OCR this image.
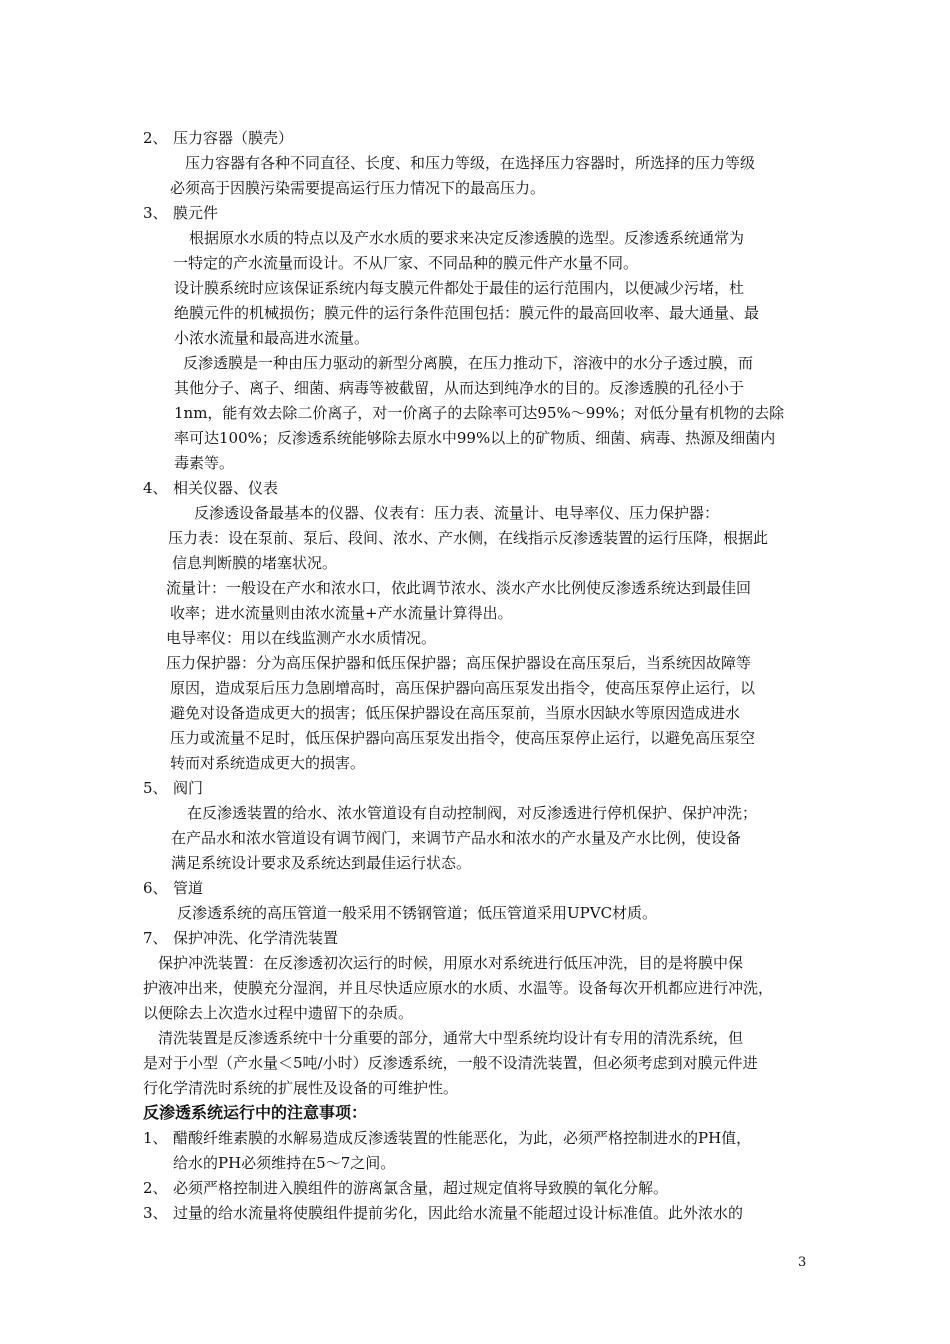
2、 压力容器（膜壳）
压力容器有各种不同直径、长度、和压力等级，在选择压力容器时，所选择的压力等级
必须高于因膜污染需要提高运行压力情况下的最高压力。
3、 膜元件
根据原水水质的特点以及产水水质的要求来决定反渗透膜的选型。反渗透系统通常为
一特定的产水流量而设计。不从厂家、不同品种的膜元件产水量不同。
设计膜系统时应该保证系统内每支膜元件都处于最佳的运行范围内，以便减少污堵，杜
绝膜元件的机械损伤；膜元件的运行条件范围包括：膜元件的最高回收率、最大通量、最
小浓水流量和最高进水流量。
反渗透膜是一种由压力驱动的新型分离膜，在压力推动下，溶液中的水分子透过膜，而
其他分子、离子、细菌、病毒等被截留，从而达到纯净水的目的。反渗透膜的孔径小于
1nm，能有效去除二价离子，对一价离子的去除率可达95%～99%；对低分量有机物的去除
率可达100%；反渗透系统能够除去原水中99%以上的矿物质、细菌、病毒、热源及细菌内
毒素等。
4、 相关仪器、仪表
反渗透设备最基本的仪器、仪表有：压力表、流量计、电导率仪、压力保护器：
压力表：设在泵前、泵后、段间、浓水、产水侧，在线指示反渗透装置的运行压降，根据此
信息判断膜的堵塞状况。
流量计：一般设在产水和浓水口，依此调节浓水、淡水产水比例使反渗透系统达到最佳回
收率；进水流量则由浓水流量+产水流量计算得出。
电导率仪：用以在线监测产水水质情况。
压力保护器：分为高压保护器和低压保护器；高压保护器设在高压泵后，当系统因故障等
原因，造成泵后压力急剧增高时，高压保护器向高压泵发出指令，使高压泵停止运行，以
避免对设备造成更大的损害；低压保护器设在高压泵前，当原水因缺水等原因造成进水
压力或流量不足时，低压保护器向高压泵发出指令，使高压泵停止运行，以避免高压泵空
转而对系统造成更大的损害。
5、 阀门
在反渗透装置的给水、浓水管道设有自动控制阀，对反渗透进行停机保护、保护冲洗；
在产品水和浓水管道设有调节阀门，来调节产品水和浓水的产水量及产水比例，使设备
满足系统设计要求及系统达到最佳运行状态。
6、 管道
反渗透系统的高压管道一般采用不锈钢管道；低压管道采用UPVC材质。
7、 保护冲洗、化学清洗装置
保护冲洗装置：在反渗透初次运行的时候，用原水对系统进行低压冲洗，目的是将膜中保
护液冲出来，使膜充分湿润，并且尽快适应原水的水质、水温等。设备每次开机都应进行冲洗，
以便除去上次造水过程中遗留下的杂质。
清洗装置是反渗透系统中十分重要的部分，通常大中型系统均设计有专用的清洗系统，但
是对于小型（产水量＜5吨/小时）反渗透系统，一般不设清洗装置，但必须考虑到对膜元件进
行化学清洗时系统的扩展性及设备的可维护性。
反渗透系统运行中的注意事项：
1、 醋酸纤维素膜的水解易造成反渗透装置的性能恶化，为此，必须严格控制进水的PH值，
给水的PH必须维持在5～7之间。
2、 必须严格控制进入膜组件的游离氯含量，超过规定值将导致膜的氧化分解。
3、 过量的给水流量将使膜组件提前劣化，因此给水流量不能超过设计标准值。此外浓水的
3
